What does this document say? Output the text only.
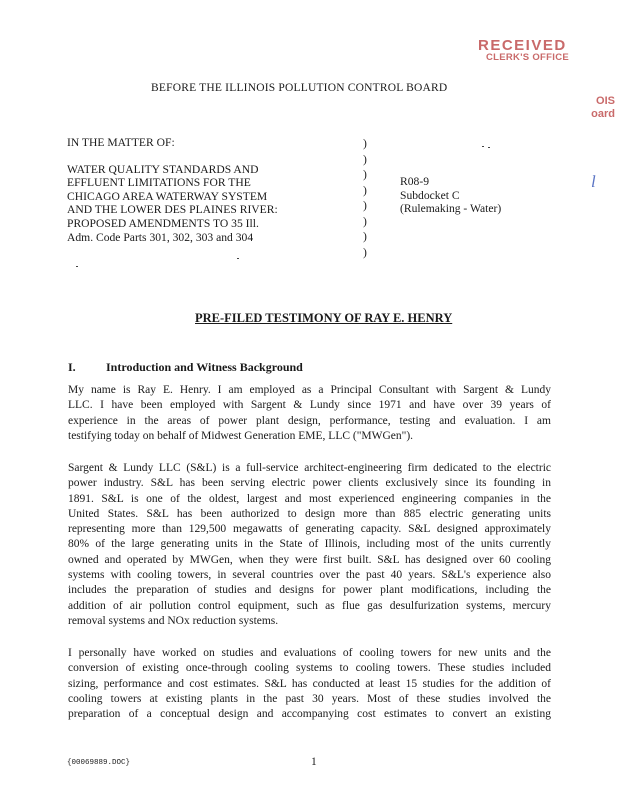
RECEIVED
CLERK'S OFFICE
OIS
oard
l
BEFORE THE ILLINOIS POLLUTION CONTROL BOARD
IN THE MATTER OF:
WATER QUALITY STANDARDS AND
EFFLUENT LIMITATIONS FOR THE
CHICAGO AREA WATERWAY SYSTEM
AND THE LOWER DES PLAINES RIVER:
PROPOSED AMENDMENTS TO 35 Ill.
Adm. Code Parts 301, 302, 303 and 304
)
)
)
)
)
)
)
)
R08-9
Subdocket C
(Rulemaking - Water)
PRE-FILED TESTIMONY OF RAY E. HENRY
I.	Introduction and Witness Background
My name is Ray E. Henry. I am employed as a Principal Consultant with Sargent & Lundy
LLC. I have been employed with Sargent & Lundy since 1971 and have over 39 years of
experience in the areas of power plant design, performance, testing and evaluation. I am
testifying today on behalf of Midwest Generation EME, LLC ("MWGen").
Sargent & Lundy LLC (S&L) is a full-service architect-engineering firm dedicated to the electric
power industry. S&L has been serving electric power clients exclusively since its founding in
1891. S&L is one of the oldest, largest and most experienced engineering companies in the
United States. S&L has been authorized to design more than 885 electric generating units
representing more than 129,500 megawatts of generating capacity. S&L designed approximately
80% of the large generating units in the State of Illinois, including most of the units currently
owned and operated by MWGen, when they were first built. S&L has designed over 60 cooling
systems with cooling towers, in several countries over the past 40 years. S&L's experience also
includes the preparation of studies and designs for power plant modifications, including the
addition of air pollution control equipment, such as flue gas desulfurization systems, mercury
removal systems and NOx reduction systems.
I personally have worked on studies and evaluations of cooling towers for new units and the
conversion of existing once-through cooling systems to cooling towers. These studies included
sizing, performance and cost estimates. S&L has conducted at least 15 studies for the addition of
cooling towers at existing plants in the past 30 years. Most of these studies involved the
preparation of a conceptual design and accompanying cost estimates to convert an existing
{00069889.DOC}	1
